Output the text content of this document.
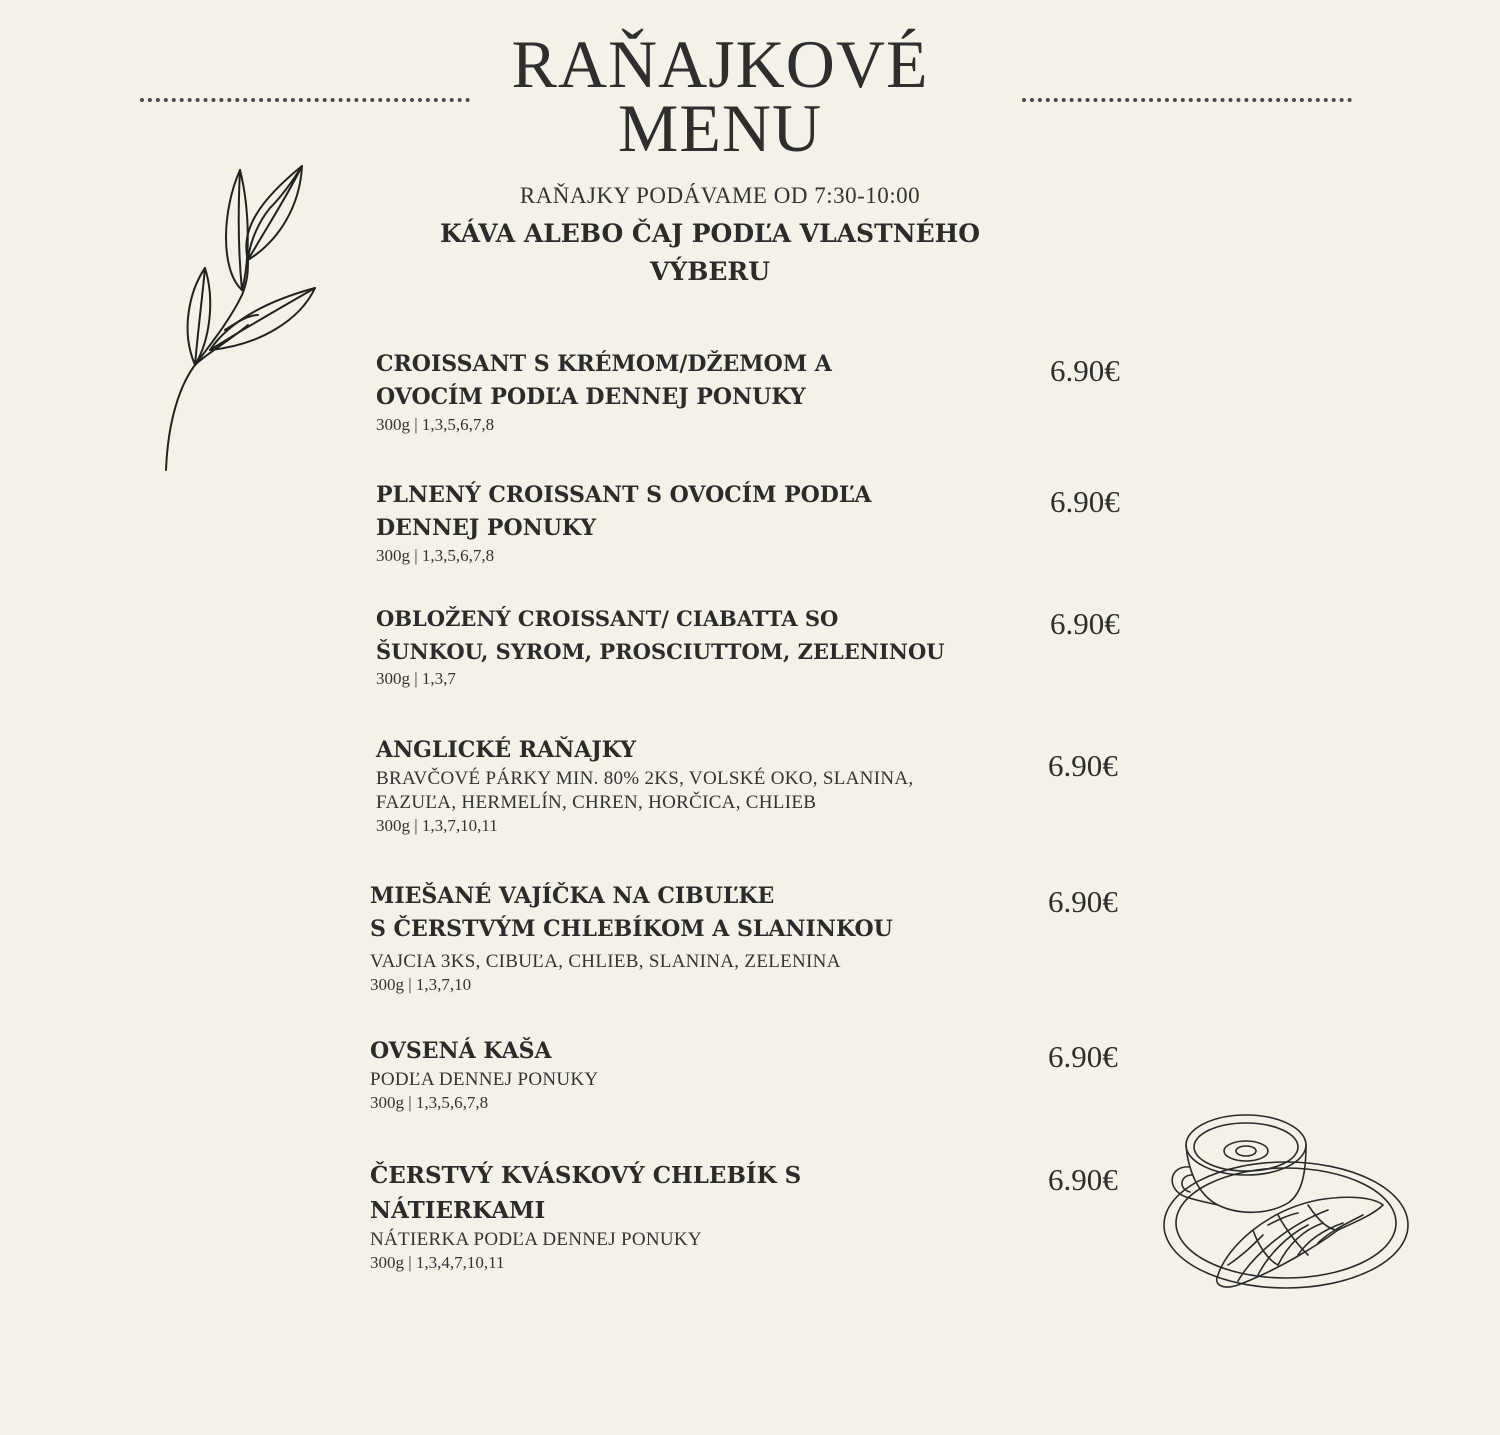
RAŇAJKOVÉ
MENU
RAŇAJKY PODÁVAME OD 7:30-10:00
KÁVA ALEBO ČAJ PODĽA VLASTNÉHO
VÝBERU
CROISSANT S KRÉMOM/DŽEMOM A
OVOCÍM PODĽA DENNEJ PONUKY
300g | 1,3,5,6,7,8
6.90€
PLNENÝ CROISSANT S OVOCÍM PODĽA
DENNEJ PONUKY
300g | 1,3,5,6,7,8
6.90€
OBLOŽENÝ CROISSANT/ CIABATTA SO
ŠUNKOU, SYROM, PROSCIUTTOM, ZELENINOU
300g | 1,3,7
6.90€
ANGLICKÉ RAŇAJKY
BRAVČOVÉ PÁRKY MIN. 80% 2KS, VOLSKÉ OKO, SLANINA,
FAZUĽA, HERMELÍN, CHREN, HORČICA, CHLIEB
300g | 1,3,7,10,11
6.90€
MIEŠANÉ VAJÍČKA NA CIBUĽKE
S ČERSTVÝM CHLEBÍKOM A SLANINKOU
VAJCIA 3KS, CIBUĽA, CHLIEB, SLANINA, ZELENINA
300g | 1,3,7,10
6.90€
OVSENÁ KAŠA
PODĽA DENNEJ PONUKY
300g | 1,3,5,6,7,8
6.90€
ČERSTVÝ KVÁSKOVÝ CHLEBÍK S
NÁTIERKAMI
NÁTIERKA PODĽA DENNEJ PONUKY
300g | 1,3,4,7,10,11
6.90€
